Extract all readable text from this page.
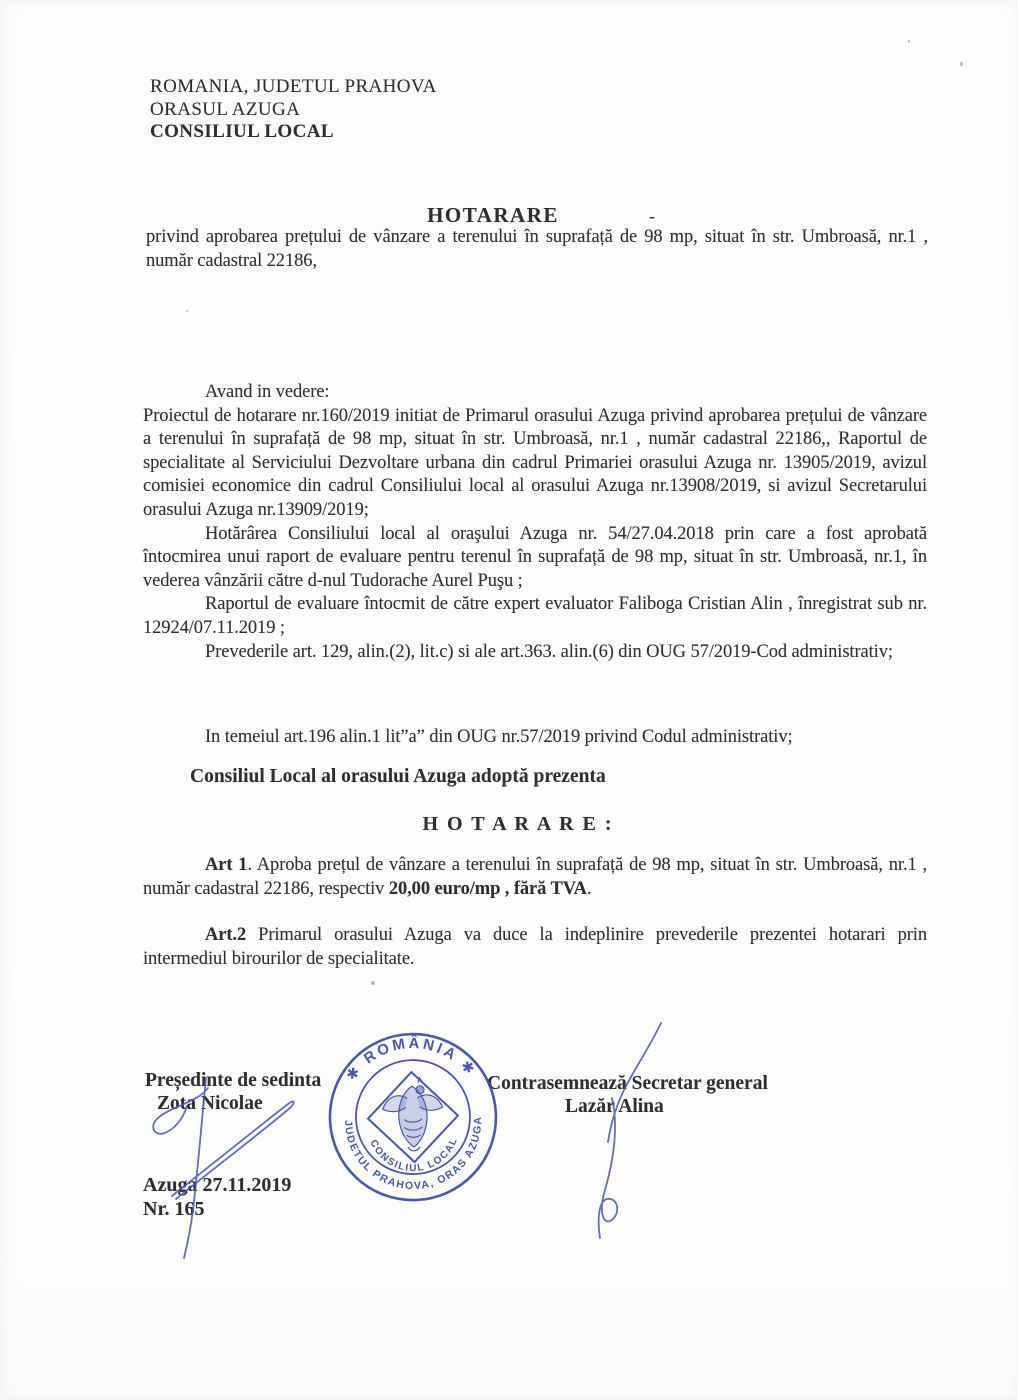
ROMANIA, JUDETUL PRAHOVA
ORASUL AZUGA
CONSILIUL LOCAL
HOTARARE	-

privind aprobarea prețului de vânzare a terenului în suprafață de 98 mp, situat în str. Umbroasă, nr.1 , număr cadastral 22186,

Avand in vedere:

Proiectul de hotarare nr.160/2019 initiat de Primarul orasului Azuga privind aprobarea prețului de vânzare a terenului în suprafață de 98 mp, situat în str. Umbroasă, nr.1 , număr cadastral 22186,, Raportul de specialitate al Serviciului Dezvoltare urbana din cadrul Primariei orasului Azuga nr. 13905/2019, avizul comisiei economice din cadrul Consiliului local al orasului Azuga nr.13908/2019, si avizul Secretarului orasului Azuga nr.13909/2019;

Hotărârea Consiliului local al oraşului Azuga nr. 54/27.04.2018 prin care a fost aprobată întocmirea unui raport de evaluare pentru terenul în suprafață de 98 mp, situat în str. Umbroasă, nr.1, în vederea vânzării către d-nul Tudorache Aurel Puşu ;

Raportul de evaluare întocmit de către expert evaluator Faliboga Cristian Alin , înregistrat sub nr. 12924/07.11.2019 ;

Prevederile art. 129, alin.(2), lit.c) si ale art.363. alin.(6) din OUG 57/2019-Cod administrativ;

In temeiul art.196 alin.1 lit”a” din OUG nr.57/2019 privind Codul administrativ;

Consiliul Local al orasului Azuga adoptă prezenta

H O T A R A R E :

Art 1. Aproba prețul de vânzare a terenului în suprafață de 98 mp, situat în str. Umbroasă, nr.1 , număr cadastral 22186, respectiv 20,00 euro/mp , fără TVA.

Art.2 Primarul orasului Azuga va duce la indeplinire prevederile prezentei hotarari prin intermediul birourilor de specialitate.

Președinte de sedinta
Zota Nicolae
Contrasemnează Secretar general
Lazăr Alina
Azuga 27.11.2019
Nr. 165
✱ ROMÂNIA ✱
JUDETUL PRAHOVA, ORAS AZUGA
CONSILIUL LOCAL
